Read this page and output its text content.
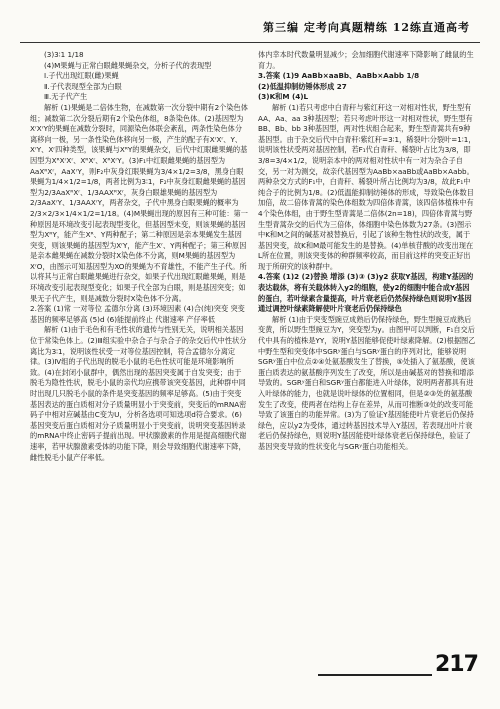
第三编 定考向真题精练 12练直通高考

(3)3∶1 1/18

(4)M果蝇与正常白眼雌果蝇杂交，分析子代的表现型

Ⅰ.子代出现红眼(雌)果蝇

Ⅱ.子代表现型全部为白眼

Ⅲ.无子代产生

解析 (1)果蝇是二倍体生物，在减数第一次分裂中期有2个染色体组；减数第二次分裂后期有2个染色体组，8条染色体。(2)基因型为XʳXʳY的果蝇在减数分裂时，同源染色体联会紊乱，两条性染色体分离移向一极，另一条性染色体移向另一极，产生的配子有XʳXʳ、Y、XʳY、Xʳ四种类型，该果蝇与XᴿY的果蝇杂交，后代中红眼雌果蝇的基因型为XᴿXʳXʳ、XᴿXʳ、XᴿXʳY。(3)F₁中红眼雌果蝇的基因型为AaXᴿXʳ，AaXʳY，则F₂中灰身红眼果蝇为3/4×1/2=3/8，黑身白眼果蝇为1/4×1/2=1/8，两者比例为3∶1，F₂中灰身红眼雌果蝇的基因型为2/3AaXᴿXʳ、1/3AAXᴿXʳ，灰身白眼雄果蝇的基因型为2/3AaXʳY、1/3AAXʳY，两者杂交，子代中黑身白眼果蝇的概率为2/3×2/3×1/4×1/2=1/18。(4)M果蝇出现的原因有三种可能：第一种原因是环境改变引起表现型变化，但基因型未变，则该果蝇的基因型为XᴿY，能产生Xᴿ、Y两种配子；第二种原因是亲本果蝇发生基因突变，则该果蝇的基因型为XʳY，能产生Xʳ、Y两种配子；第三种原因是亲本雌果蝇在减数分裂时X染色体不分离，则M果蝇的基因型为XʳO，由图示可知基因型为XO的果蝇为不育雄性，不能产生子代。所以将其与正常白眼雌果蝇进行杂交，如果子代出现红眼雌果蝇，则是环境改变引起表现型变化；如果子代全部为白眼，则是基因突变；如果无子代产生，则是减数分裂时X染色体不分离。

2.答案 (1)常 一对等位 孟德尔分离 (3)环境因素 (4)合(纯)突变 突变基因的频率足够高 (5)d (6)能提前终止 代谢速率 产仔率低

解析 (1)由于毛色和有毛性状的遗传与性别无关，说明相关基因位于常染色体上。(2)Ⅲ组实验中杂合子与杂合子的杂交后代中性状分离比为3∶1，说明该性状受一对等位基因控制，符合孟德尔分离定律。(3)Ⅳ组的子代出现的脱毛小鼠的毛色性状可能是环境影响所致。(4)在封闭小鼠群中，偶然出现的基因突变属于自发突变；由于脱毛为隐性性状，脱毛小鼠的亲代均应携带该突变基因，此种群中同时出现几只脱毛小鼠的条件是突变基因的频率足够高。(5)由于突变基因表达的蛋白质相对分子质量明显小于突变前，突变后的mRNA密码子中相对应碱基由C变为U，分析各选项可知选项d符合要求。(6)基因突变后蛋白质相对分子质量明显小于突变前，说明突变基因转录的mRNA中终止密码子提前出现。甲状腺激素的作用是提高细胞代谢速率，若甲状腺激素受体的功能下降，则会导致细胞代谢速率下降，雌性脱毛小鼠产仔率低。

体内幸本时代数量明显减少；会加细胞代谢速率下降影响了雌鼠的生育力。

3.答案 (1)9 AaBb×aaBb、AaBb×Aabb 1/8

(2)低温抑制纺锤体形成 27

(3)K和M (4)L

解析 (1)若只考虑中白青秆与紫红秆这一对相对性状，野生型有AA、Aa、aa 3种基因型；若只考虑叶形这一对相对性状，野生型有BB、Bb、bb 3种基因型，两对性状组合起来，野生型青蒿共有9种基因型。由于杂交后代中白青秆∶紫红秆=3∶1，稀裂叶∶分裂叶=1∶1，说明该性状受两对基因控制，若F₁代白青秆、稀裂叶占比为3/8，即3/8=3/4×1/2，说明亲本中的两对相对性状中有一对为杂合子自交，另一对为测交，故亲代基因型为AaBb×aaBb或AaBb×Aabb。两种杂交方式的F₁中，白青秆、稀裂叶所占比例均为3/8，故此F₁中纯合子的比例为1/8。(2)低温能抑制纺锤体的形成，导致染色体数目加倍，故二倍体青蒿的染色体组数为四倍体青蒿，该四倍体植株中有4个染色体组，由于野生型青蒿是二倍体(2n=18)，四倍体青蒿与野生型青蒿杂交的后代为三倍体，体细胞中染色体数为27条。(3)图示中K和M之间的碱基对被替换后，引起了该种生物性状的改变，属于基因突变，故K和M最可能发生的是替换。(4)单核苷酸的改变出现在L所在位置，则该突变体的种群频率较高，而目前这样的突变正好出现于所研究的该种群中。

4.答案 (1)2 (2)替换 增添 (3)③ (3)y2 获取Y基因，构建Y基因的表达载体，将有关载体转入y2的细胞，使y2的细胞中能合成Y基因的蛋白，若叶绿素含量提高，叶片衰老后仍然保持绿色则说明Y基因通过调控叶绿素降解使叶片衰老后仍保持绿色

解析 (1)由于突变型豌豆成熟后仍保持绿色，野生型豌豆成熟后变黄，所以野生型豌豆为Y，突变型为y。由图甲可以判断，F₁自交后代中具有的植株是YY，说明Y基因能够促使叶绿素降解。(2)根据图乙中野生型和突变体中SGRʸ蛋白与SGRʸ蛋白的序列对比，能够说明SGRʸ蛋白中位点②④处氨基酸发生了替换，⑤处插入了氨基酸，使该蛋白质表达的氨基酸序列发生了改变，所以是由碱基对的替换和增添导致的。SGRʸ蛋白和SGRʸ蛋白都能进入叶绿体，说明两者都具有进入叶绿体的能力，也就是说叶绿体的位置相同，但是②③处的氨基酸发生了改变，使两者在结构上存在差异，从而可推断③处的改变可能导致了该蛋白的功能异常。(3)为了验证Y基因能使叶片衰老后仍保持绿色，应以y2为受体，通过转基因技术导入Y基因，若表现出叶片衰老后仍保持绿色，则说明Y基因能使叶绿体衰老后保持绿色，验证了基因突变导致的性状变化与SGRʸ蛋白功能相关。

217
